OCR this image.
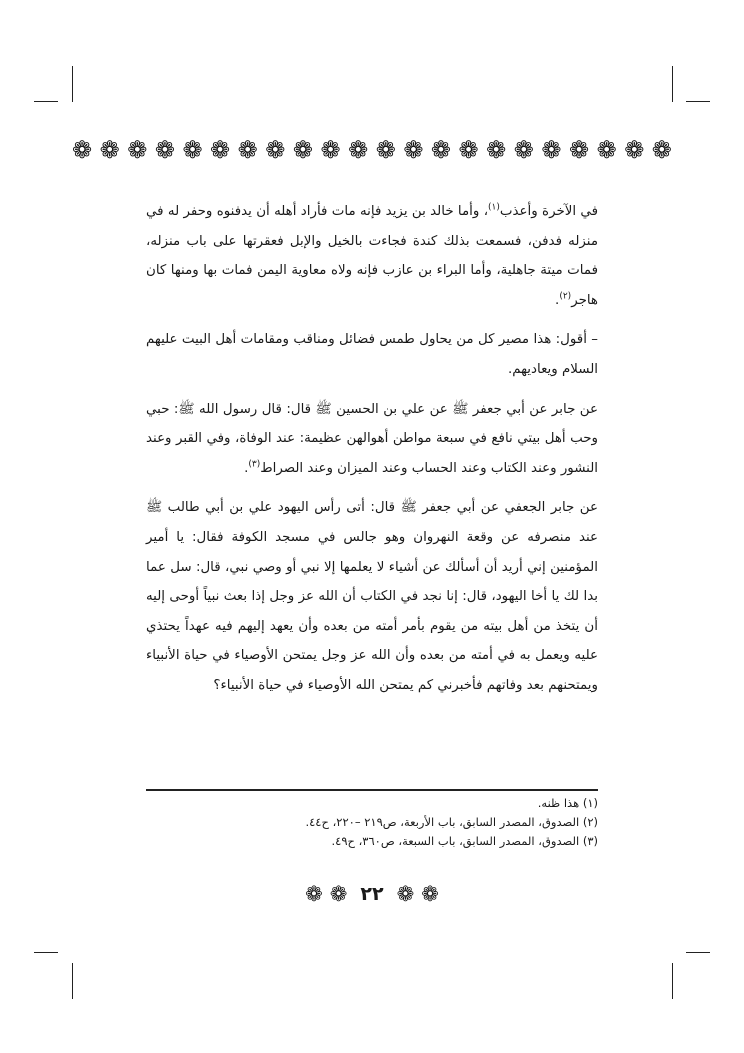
❁ ❁ ❁ ❁ ❁ ❁ ❁ ❁ ❁ ❁ ❁ ❁ ❁ ❁ ❁ ❁ ❁ ❁ ❁ ❁ ❁ ❁

في الآخرة وأعذب$^{(١)}$، وأما خالد بن يزيد فإنه مات فأراد أهله أن يدفنوه وحفر له في منزله فدفن، فسمعت بذلك كندة فجاءت بالخيل والإبل فعقرتها على باب منزله، فمات ميتة جاهلية، وأما البراء بن عازب فإنه ولاه معاوية اليمن فمات بها ومنها كان هاجر$^{(٢)}$.

– أقول: هذا مصير كل من يحاول طمس فضائل ومناقب ومقامات أهل البيت عليهم السلام ويعاديهم.

عن جابر عن أبي جعفر ﷺ عن علي بن الحسين ﷺ قال: قال رسول الله ﷺ: حبي وحب أهل بيتي نافع في سبعة مواطن أهوالهن عظيمة: عند الوفاة، وفي القبر وعند النشور وعند الكتاب وعند الحساب وعند الميزان وعند الصراط$^{(٣)}$.

عن جابر الجعفي عن أبي جعفر ﷺ قال: أتى رأس اليهود علي بن أبي طالب ﷺ عند منصرفه عن وقعة النهروان وهو جالس في مسجد الكوفة فقال: يا أمير المؤمنين إني أريد أن أسألك عن أشياء لا يعلمها إلا نبي أو وصي نبي، قال: سل عما بدا لك يا أخا اليهود، قال: إنا نجد في الكتاب أن الله عز وجل إذا بعث نبياً أوحى إليه أن يتخذ من أهل بيته من يقوم بأمر أمته من بعده وأن يعهد إليهم فيه عهداً يحتذي عليه ويعمل به في أمته من بعده وأن الله عز وجل يمتحن الأوصياء في حياة الأنبياء ويمتحنهم بعد وفاتهم فأخبرني كم يمتحن الله الأوصياء في حياة الأنبياء؟

(١) هذا ظنه.
(٢) الصدوق، المصدر السابق، باب الأربعة، ص٢١٩ –٢٢٠، ح٤٤.
(٣) الصدوق، المصدر السابق، باب السبعة، ص٣٦٠، ح٤٩.
❁ ❁ ٢٢ ❁ ❁
